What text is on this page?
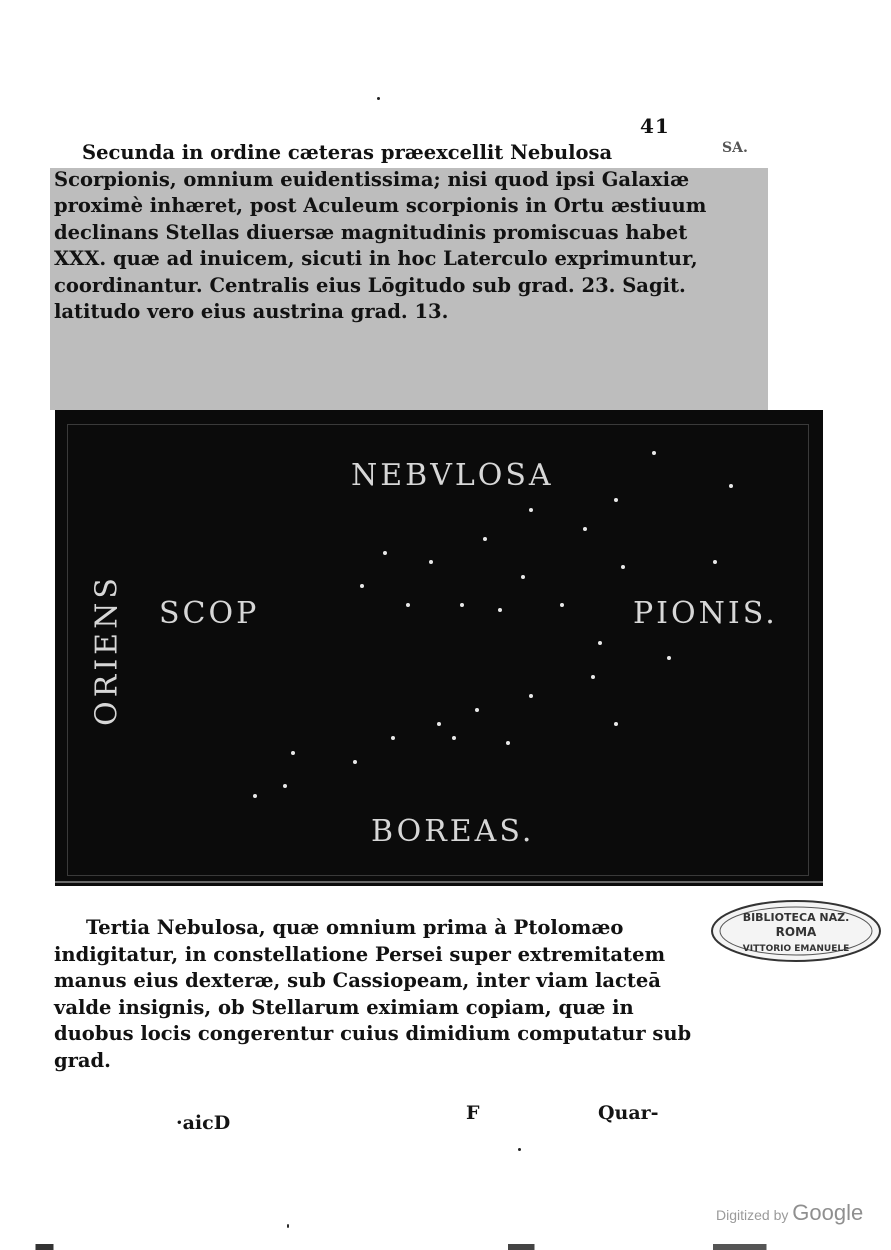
41
SA.

Secunda in ordine cæteras præexcellit Nebulosa Scorpionis, omnium euidentissima; nisi quod ipsi Galaxiæ proximè inhæret, post Aculeum scorpionis in Ortu æstiuum declinans Stellas diuersæ magnitudinis promiscuas habet XXX. quæ ad inuicem, sicuti in hoc Laterculo exprimuntur, coordinantur. Centralis eius Lōgitudo sub grad. 23. Sagit. latitudo vero eius austrina grad. 13.

NEBVLOSA
SCOP	PIONIS.
BOREAS.
ORIENS

Tertia Nebulosa, quæ omnium prima à Ptolomæo indigitatur, in constellatione Persei super extremitatem manus eius dexteræ, sub Cassiopeam, inter viam lacteā valde insignis, ob Stellarum eximiam copiam, quæ in duobus locis congerentur cuius dimidium computatur sub grad.

BIBLIOTECA NAZ.
ROMA
VITTORIO EMANUELE
·aicD	F	Quar-
Digitized by Google
